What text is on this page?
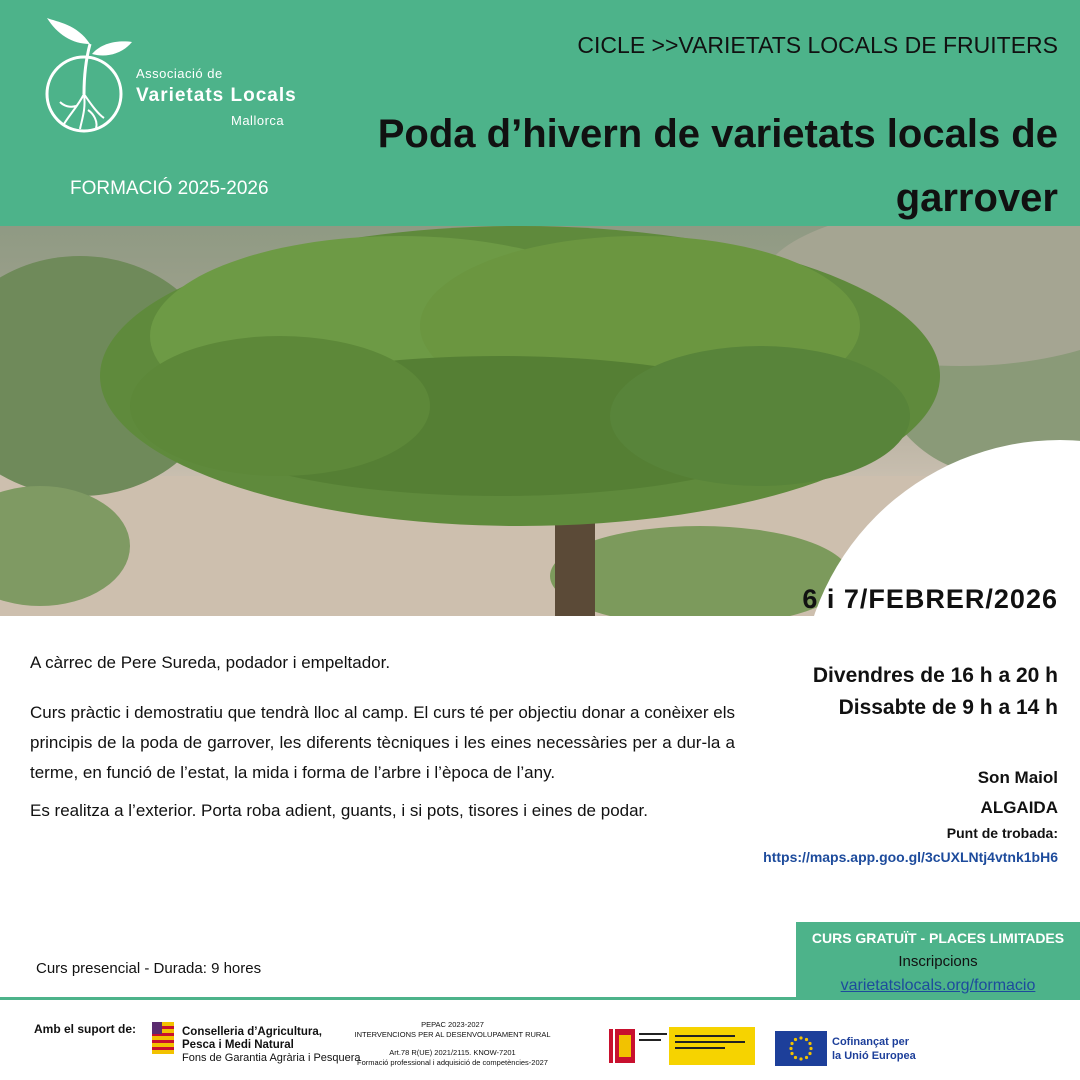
Associació de
Varietats Locals
Mallorca
FORMACIÓ 2025-2026
CICLE >>VARIETATS LOCALS DE FRUITERS
Poda d’hivern de varietats locals de garrover
6 i 7/FEBRER/2026
Divendres de 16 h a 20 h
Dissabte de 9 h a 14 h
Son Maiol
ALGAIDA
Punt de trobada:
https://maps.app.goo.gl/3cUXLNtj4vtnk1bH6

A càrrec de Pere Sureda, podador i empeltador.

Curs pràctic i demostratiu que tendrà lloc al camp. El curs té per objectiu donar a conèixer els principis de la poda de garrover, les diferents tècniques i les eines necessàries per a dur-la a terme, en funció de l’estat, la mida i forma de l’arbre i l’època de l’any.

Es realitza a l’exterior. Porta roba adient, guants, i si pots, tisores i eines de podar.

Curs presencial - Durada: 9 hores
CURS GRATUÏT - PLACES LIMITADES
Inscripcions
varietatslocals.org/formacio
Amb el suport de:	Conselleria d’Agricultura,
Pesca i Medi Natural
Fons de Garantia Agrària i Pesquera
PEPAC 2023-2027
INTERVENCIONS PER AL DESENVOLUPAMENT RURAL
Art.78 R(UE) 2021/2115. KNOW-7201
Formació professional i adquisició de competències-2027
Cofinançat per
la Unió Europea
